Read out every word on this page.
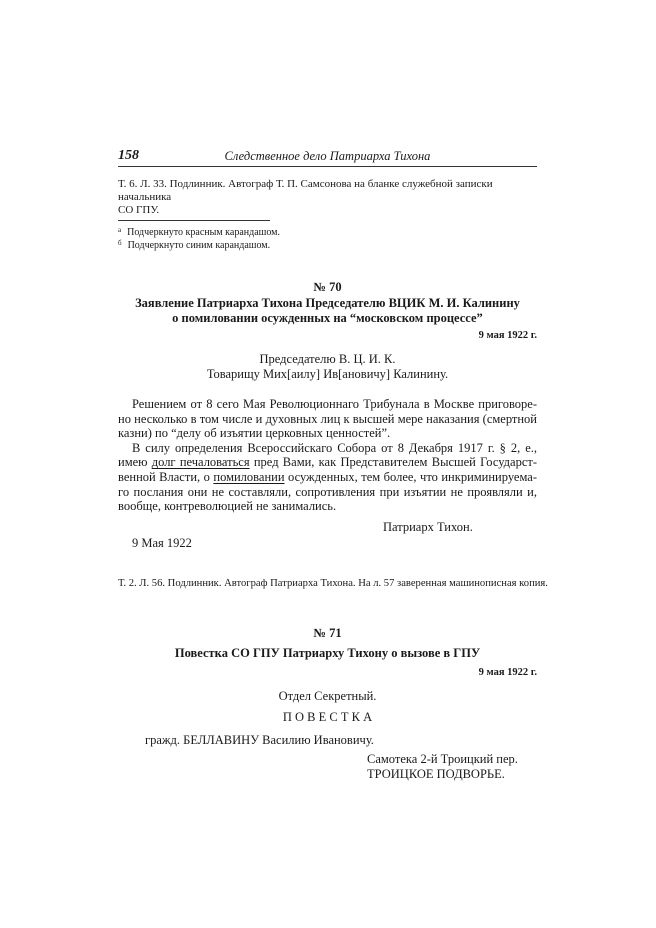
158	Следственное дело Патриарха Тихона
Т. 6. Л. 33. Подлинник. Автограф Т. П. Самсонова на бланке служебной записки начальника
СО ГПУ.
$^а$ Подчеркнуто красным карандашом.
$^б$ Подчеркнуто синим карандашом.
№ 70
Заявление Патриарха Тихона Председателю ВЦИК М. И. Калинину
о помиловании осужденных на “московском процессе”
9 мая 1922 г.
Председателю В. Ц. И. К.
Товарищу Мих[аилу] Ив[ановичу] Калинину.
Решением от 8 сего Мая Революционнаго Трибунала в Москве приговоре-
но несколько в том числе и духовных лиц к высшей мере наказания (смертной
казни) по “делу об изъятии церковных ценностей”.
В силу определения Всероссийскаго Собора от 8 Декабря 1917 г. § 2, е.,
имею долг печаловаться пред Вами, как Представителем Высшей Государст-
венной Власти, о помиловании осужденных, тем более, что инкриминируема-
го послания они не составляли, сопротивления при изъятии не проявляли и,
вообще, контреволюцией не занимались.
Патриарх Тихон.
9 Мая 1922
Т. 2. Л. 56. Подлинник. Автограф Патриарха Тихона. На л. 57 заверенная машинописная копия.
№ 71
Повестка СО ГПУ Патриарху Тихону о вызове в ГПУ
9 мая 1922 г.
Отдел Секретный.
П О В Е С Т К А
гражд. БЕЛЛАВИНУ Василию Ивановичу.
Самотека 2-й Троицкий пер.
ТРОИЦКОЕ ПОДВОРЬЕ.
